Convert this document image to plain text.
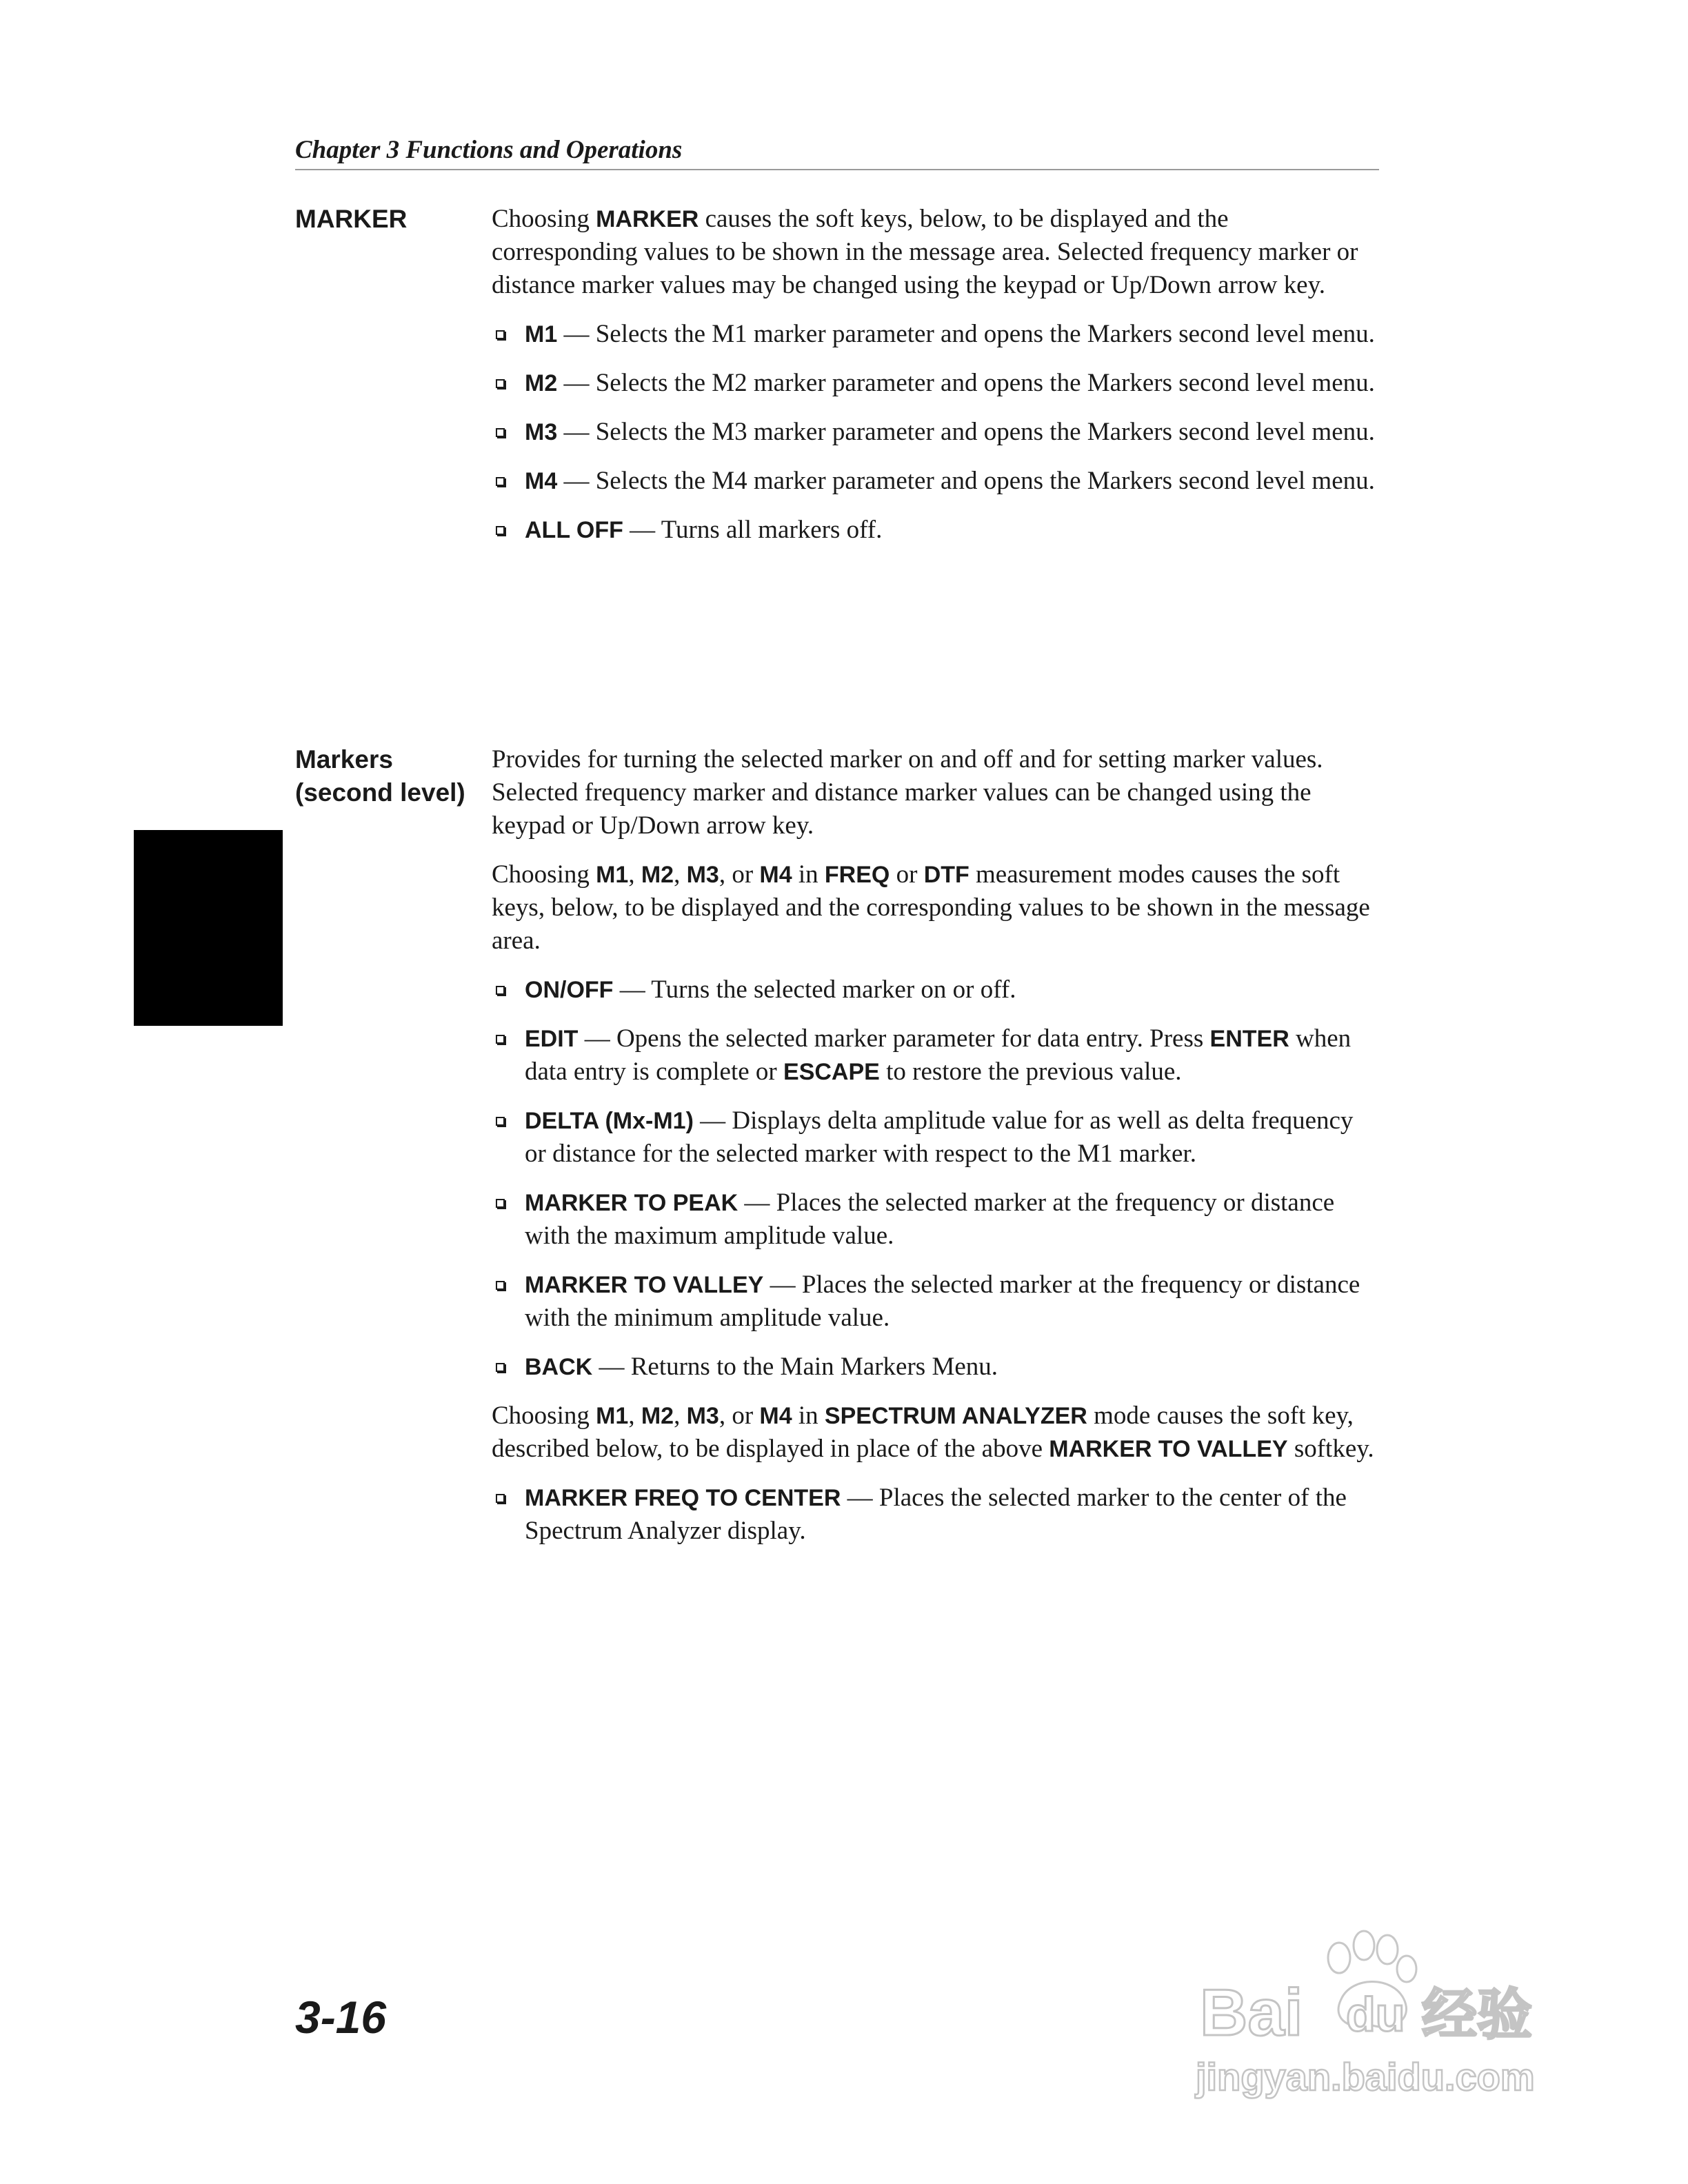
Chapter 3 Functions and Operations
MARKER	Choosing MARKER causes the soft keys, below, to be displayed and the corresponding values to be shown in the message area. Selected frequency marker or distance marker values may be changed using the keypad or Up/Down arrow key.

M1 — Selects the M1 marker parameter and opens the Markers second level menu.
M2 — Selects the M2 marker parameter and opens the Markers second level menu.
M3 — Selects the M3 marker parameter and opens the Markers second level menu.
M4 — Selects the M4 marker parameter and opens the Markers second level menu.
ALL OFF — Turns all markers off.
Markers
(second level)

Provides for turning the selected marker on and off and for setting marker values. Selected frequency marker and distance marker values can be changed using the keypad or Up/Down arrow key.

Choosing M1, M2, M3, or M4 in FREQ or DTF measurement modes causes the soft keys, below, to be displayed and the corresponding values to be shown in the message area.

ON/OFF — Turns the selected marker on or off.
EDIT — Opens the selected marker parameter for data entry. Press ENTER when data entry is complete or ESCAPE to restore the previous value.
DELTA (Mx-M1) — Displays delta amplitude value for as well as delta frequency or distance for the selected marker with respect to the M1 marker.
MARKER TO PEAK — Places the selected marker at the frequency or distance with the maximum amplitude value.
MARKER TO VALLEY — Places the selected marker at the frequency or distance with the minimum amplitude value.
BACK — Returns to the Main Markers Menu.

Choosing M1, M2, M3, or M4 in SPECTRUM ANALYZER mode causes the soft key, described below, to be displayed in place of the above MARKER TO VALLEY softkey.

MARKER FREQ TO CENTER — Places the selected marker to the center of the Spectrum Analyzer display.
3-16	Bai du 经验
jingyan.baidu.com
